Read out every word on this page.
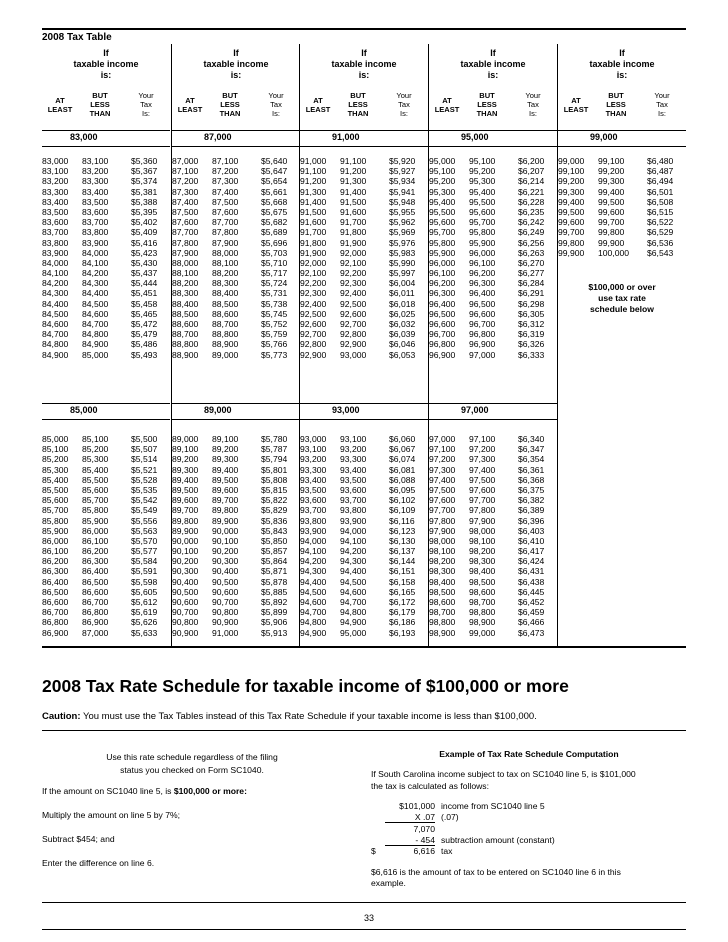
2008 Tax Table
If
taxable income
is:
AT
LEAST
BUT
LESS
THAN
Your
Tax
Is:
83,000
83,000 83,100	$5,360
83,100 83,200	$5,367
83,200 83,300	$5,374
83,300 83,400	$5,381
83,400 83,500	$5,388
83,500 83,600	$5,395
83,600 83,700	$5,402
83,700 83,800	$5,409
83,800 83,900	$5,416
83,900 84,000	$5,423
84,000 84,100	$5,430
84,100 84,200	$5,437
84,200 84,300	$5,444
84,300 84,400	$5,451
84,400 84,500	$5,458
84,500 84,600	$5,465
84,600 84,700	$5,472
84,700 84,800	$5,479
84,800 84,900	$5,486
84,900 85,000	$5,493
85,000
85,000 85,100	$5,500
85,100 85,200	$5,507
85,200 85,300	$5,514
85,300 85,400	$5,521
85,400 85,500	$5,528
85,500 85,600	$5,535
85,600 85,700	$5,542
85,700 85,800	$5,549
85,800 85,900	$5,556
85,900 86,000	$5,563
86,000 86,100	$5,570
86,100 86,200	$5,577
86,200 86,300	$5,584
86,300 86,400	$5,591
86,400 86,500	$5,598
86,500 86,600	$5,605
86,600 86,700	$5,612
86,700 86,800	$5,619
86,800 86,900	$5,626
86,900 87,000	$5,633
If
taxable income
is:
AT
LEAST
BUT
LESS
THAN
Your
Tax
Is:
87,000
87,000 87,100	$5,640
87,100 87,200	$5,647
87,200 87,300	$5,654
87,300 87,400	$5,661
87,400 87,500	$5,668
87,500 87,600	$5,675
87,600 87,700	$5,682
87,700 87,800	$5,689
87,800 87,900	$5,696
87,900 88,000	$5,703
88,000 88,100	$5,710
88,100 88,200	$5,717
88,200 88,300	$5,724
88,300 88,400	$5,731
88,400 88,500	$5,738
88,500 88,600	$5,745
88,600 88,700	$5,752
88,700 88,800	$5,759
88,800 88,900	$5,766
88,900 89,000	$5,773
89,000
89,000 89,100	$5,780
89,100 89,200	$5,787
89,200 89,300	$5,794
89,300 89,400	$5,801
89,400 89,500	$5,808
89,500 89,600	$5,815
89,600 89,700	$5,822
89,700 89,800	$5,829
89,800 89,900	$5,836
89,900 90,000	$5,843
90,000 90,100	$5,850
90,100 90,200	$5,857
90,200 90,300	$5,864
90,300 90,400	$5,871
90,400 90,500	$5,878
90,500 90,600	$5,885
90,600 90,700	$5,892
90,700 90,800	$5,899
90,800 90,900	$5,906
90,900 91,000	$5,913
If
taxable income
is:
AT
LEAST
BUT
LESS
THAN
Your
Tax
Is:
91,000
91,000 91,100	$5,920
91,100 91,200	$5,927
91,200 91,300	$5,934
91,300 91,400	$5,941
91,400 91,500	$5,948
91,500 91,600	$5,955
91,600 91,700	$5,962
91,700 91,800	$5,969
91,800 91,900	$5,976
91,900 92,000	$5,983
92,000 92,100	$5,990
92,100 92,200	$5,997
92,200 92,300	$6,004
92,300 92,400	$6,011
92,400 92,500	$6,018
92,500 92,600	$6,025
92,600 92,700	$6,032
92,700 92,800	$6,039
92,800 92,900	$6,046
92,900 93,000	$6,053
93,000
93,000 93,100	$6,060
93,100 93,200	$6,067
93,200 93,300	$6,074
93,300 93,400	$6,081
93,400 93,500	$6,088
93,500 93,600	$6,095
93,600 93,700	$6,102
93,700 93,800	$6,109
93,800 93,900	$6,116
93,900 94,000	$6,123
94,000 94,100	$6,130
94,100 94,200	$6,137
94,200 94,300	$6,144
94,300 94,400	$6,151
94,400 94,500	$6,158
94,500 94,600	$6,165
94,600 94,700	$6,172
94,700 94,800	$6,179
94,800 94,900	$6,186
94,900 95,000	$6,193
If
taxable income
is:
AT
LEAST
BUT
LESS
THAN
Your
Tax
Is:
95,000
95,000 95,100	$6,200
95,100 95,200	$6,207
95,200 95,300	$6,214
95,300 95,400	$6,221
95,400 95,500	$6,228
95,500 95,600	$6,235
95,600 95,700	$6,242
95,700 95,800	$6,249
95,800 95,900	$6,256
95,900 96,000	$6,263
96,000 96,100	$6,270
96,100 96,200	$6,277
96,200 96,300	$6,284
96,300 96,400	$6,291
96,400 96,500	$6,298
96,500 96,600	$6,305
96,600 96,700	$6,312
96,700 96,800	$6,319
96,800 96,900	$6,326
96,900 97,000	$6,333
97,000
97,000 97,100	$6,340
97,100 97,200	$6,347
97,200 97,300	$6,354
97,300 97,400	$6,361
97,400 97,500	$6,368
97,500 97,600	$6,375
97,600 97,700	$6,382
97,700 97,800	$6,389
97,800 97,900	$6,396
97,900 98,000	$6,403
98,000 98,100	$6,410
98,100 98,200	$6,417
98,200 98,300	$6,424
98,300 98,400	$6,431
98,400 98,500	$6,438
98,500 98,600	$6,445
98,600 98,700	$6,452
98,700 98,800	$6,459
98,800 98,900	$6,466
98,900 99,000	$6,473
If
taxable income
is:
AT
LEAST
BUT
LESS
THAN
Your
Tax
Is:
99,000
99,000 99,100	$6,480
99,100 99,200	$6,487
99,200 99,300	$6,494
99,300 99,400	$6,501
99,400 99,500	$6,508
99,500 99,600	$6,515
99,600 99,700	$6,522
99,700 99,800	$6,529
99,800 99,900	$6,536
99,900 100,000 $6,543
$100,000 or over
use tax rate
schedule below
2008 Tax Rate Schedule for taxable income of $100,000 or more
Caution: You must use the Tax Tables instead of this Tax Rate Schedule if your taxable income is less than $100,000.
Use this rate schedule regardless of the filing
status you checked on Form SC1040.
If the amount on SC1040 line 5, is $100,000 or more:
Multiply the amount on line 5 by 7%;
Subtract $454; and
Enter the difference on line 6.
Example of Tax Rate Schedule Computation
If South Carolina income subject to tax on SC1040 line 5, is $101,000
the tax is calculated as follows:
$101,000 income from SC1040 line 5
X .07 (.07)
7,070
- 454 subtraction amount (constant)
$	6,616 tax
$6,616 is the amount of tax to be entered on SC1040 line 6 in this
example.
33
